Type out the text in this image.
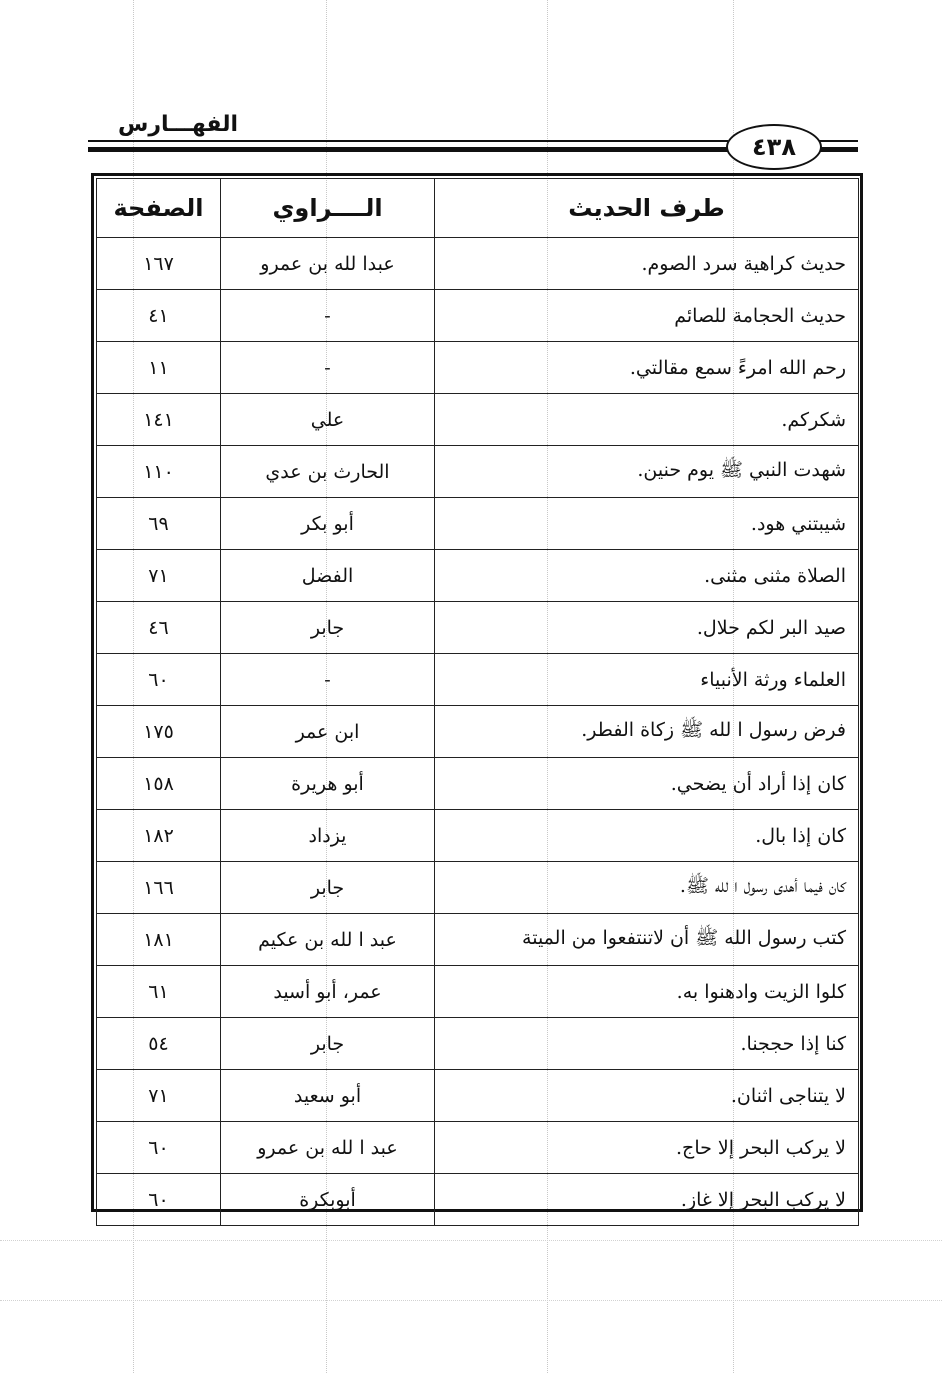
الفهـــارس
٤٣٨
طرف الحديث	الــــراوي	الصفحة
حديث كراهية سرد الصوم.	عبدا لله بن عمرو	١٦٧
حديث الحجامة للصائم	-	٤١
رحم الله امرءً سمع مقالتي.	-	١١
شكركم.	علي	١٤١
شهدت النبي ﷺ يوم حنين.	الحارث بن عدي	١١٠
شيبتني هود.	أبو بكر	٦٩
الصلاة مثنى مثنى.	الفضل	٧١
صيد البر لكم حلال.	جابر	٤٦
العلماء ورثة الأنبياء	-	٦٠
فرض رسول ا لله ﷺ زكاة الفطر.	ابن عمر	١٧٥
كان إذا أراد أن يضحي.	أبو هريرة	١٥٨
كان إذا بال.	يزداد	١٨٢
كان فيما أهدى رسول ا لله ﷺ.	جابر	١٦٦
كتب رسول الله ﷺ أن لاتنتفعوا من الميتة	عبد ا لله بن عكيم	١٨١
كلوا الزيت وادهنوا به.	عمر، أبو أسيد	٦١
كنا إذا حججنا.	جابر	٥٤
لا يتناجى اثنان.	أبو سعيد	٧١
لا يركب البحر إلا حاج.	عبد ا لله بن عمرو	٦٠
لا يركب البحر إلا غاز.	أبوبكرة	٦٠
